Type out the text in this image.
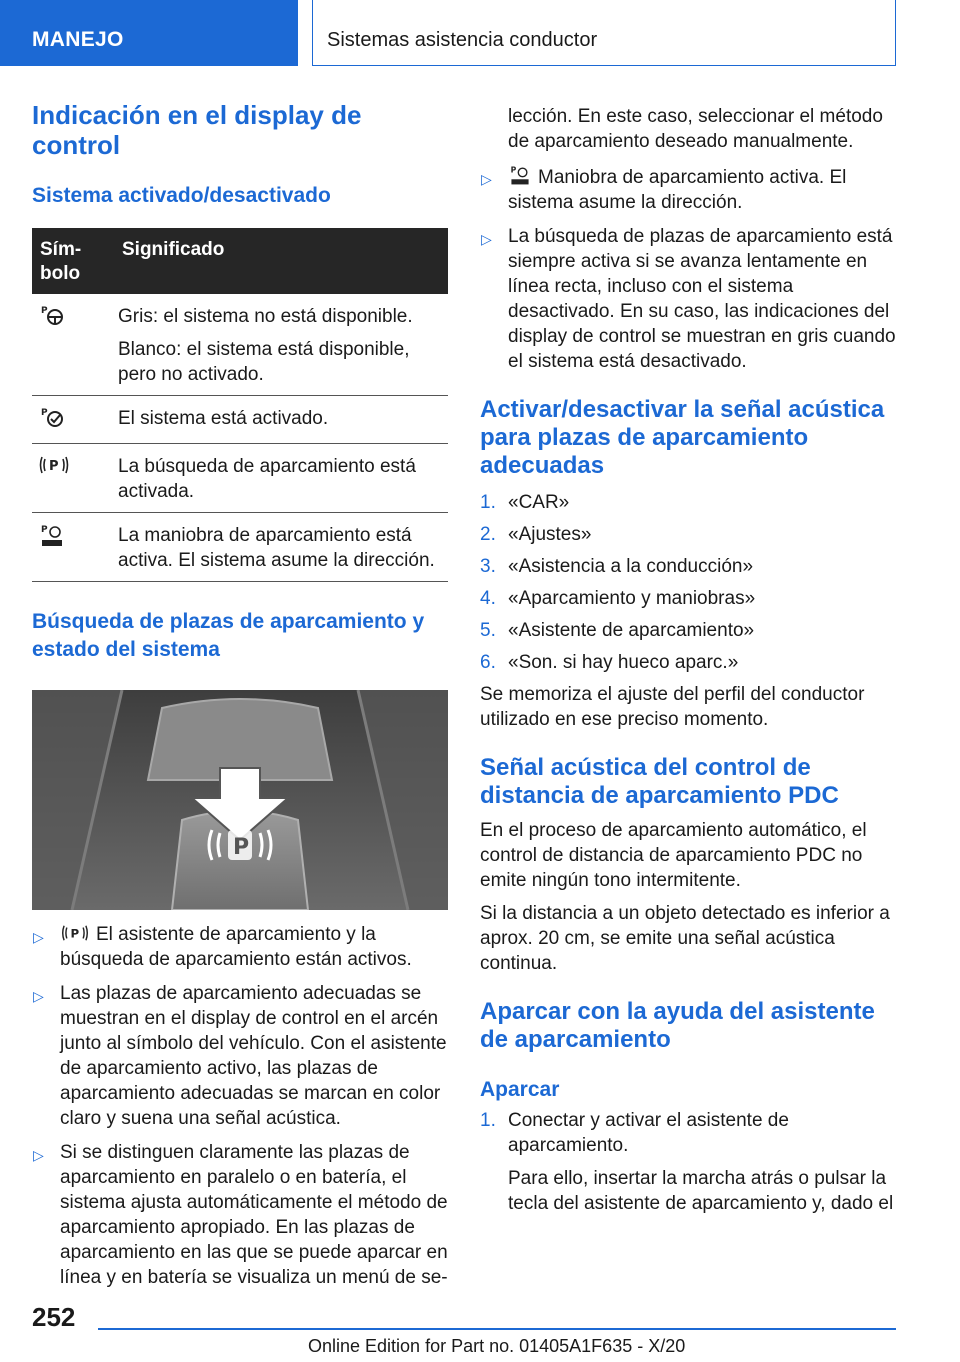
MANEJO	Sistemas asistencia conductor
Indicación en el display de control
Sistema activado/desactivado
Sím-
bolo	Significado

P	Gris: el sistema no está disponible.

Blanco: el sistema está disponible, pero no activado.

P	El sistema está activado.

P	La búsqueda de aparcamiento está activada.

P	La maniobra de aparcamiento está activa. El sistema asume la dirección.

Búsqueda de plazas de aparcamiento y estado del sistema
P
▷ P El asistente de aparcamiento y la búsqueda de aparcamiento están activos.
▷ Las plazas de aparcamiento adecuadas se muestran en el display de control en el arcén junto al símbolo del vehículo. Con el asistente de aparcamiento activo, las plazas de aparcamiento adecuadas se marcan en color claro y suena una señal acústica.
▷ Si se distinguen claramente las plazas de aparcamiento en paralelo o en batería, el sistema ajusta automáticamente el método de aparcamiento apropiado. En las plazas de aparcamiento en las que se puede aparcar en línea y en batería se visualiza un menú de se-

lección. En este caso, seleccionar el método de aparcamiento deseado manualmente.

▷
P Maniobra de aparcamiento activa. El sistema asume la dirección.
▷ La búsqueda de plazas de aparcamiento está siempre activa si se avanza lentamente en línea recta, incluso con el sistema desactivado. En su caso, las indicaciones del display de control se muestran en gris cuando el sistema está desactivado.
Activar/desactivar la señal acústica para plazas de aparcamiento adecuadas
1. «CAR»
2. «Ajustes»
3. «Asistencia a la conducción»
4. «Aparcamiento y maniobras»
5. «Asistente de aparcamiento»
6. «Son. si hay hueco aparc.»

Se memoriza el ajuste del perfil del conductor utilizado en ese preciso momento.

Señal acústica del control de distancia de aparcamiento PDC

En el proceso de aparcamiento automático, el control de distancia de aparcamiento PDC no emite ningún tono intermitente.

Si la distancia a un objeto detectado es inferior a aprox. 20 cm, se emite una señal acústica continua.

Aparcar con la ayuda del asistente de aparcamiento
Aparcar
1. Conectar y activar el asistente de aparcamiento.

Para ello, insertar la marcha atrás o pulsar la tecla del asistente de aparcamiento y, dado el

252
Online Edition for Part no. 01405A1F635 - X/20
